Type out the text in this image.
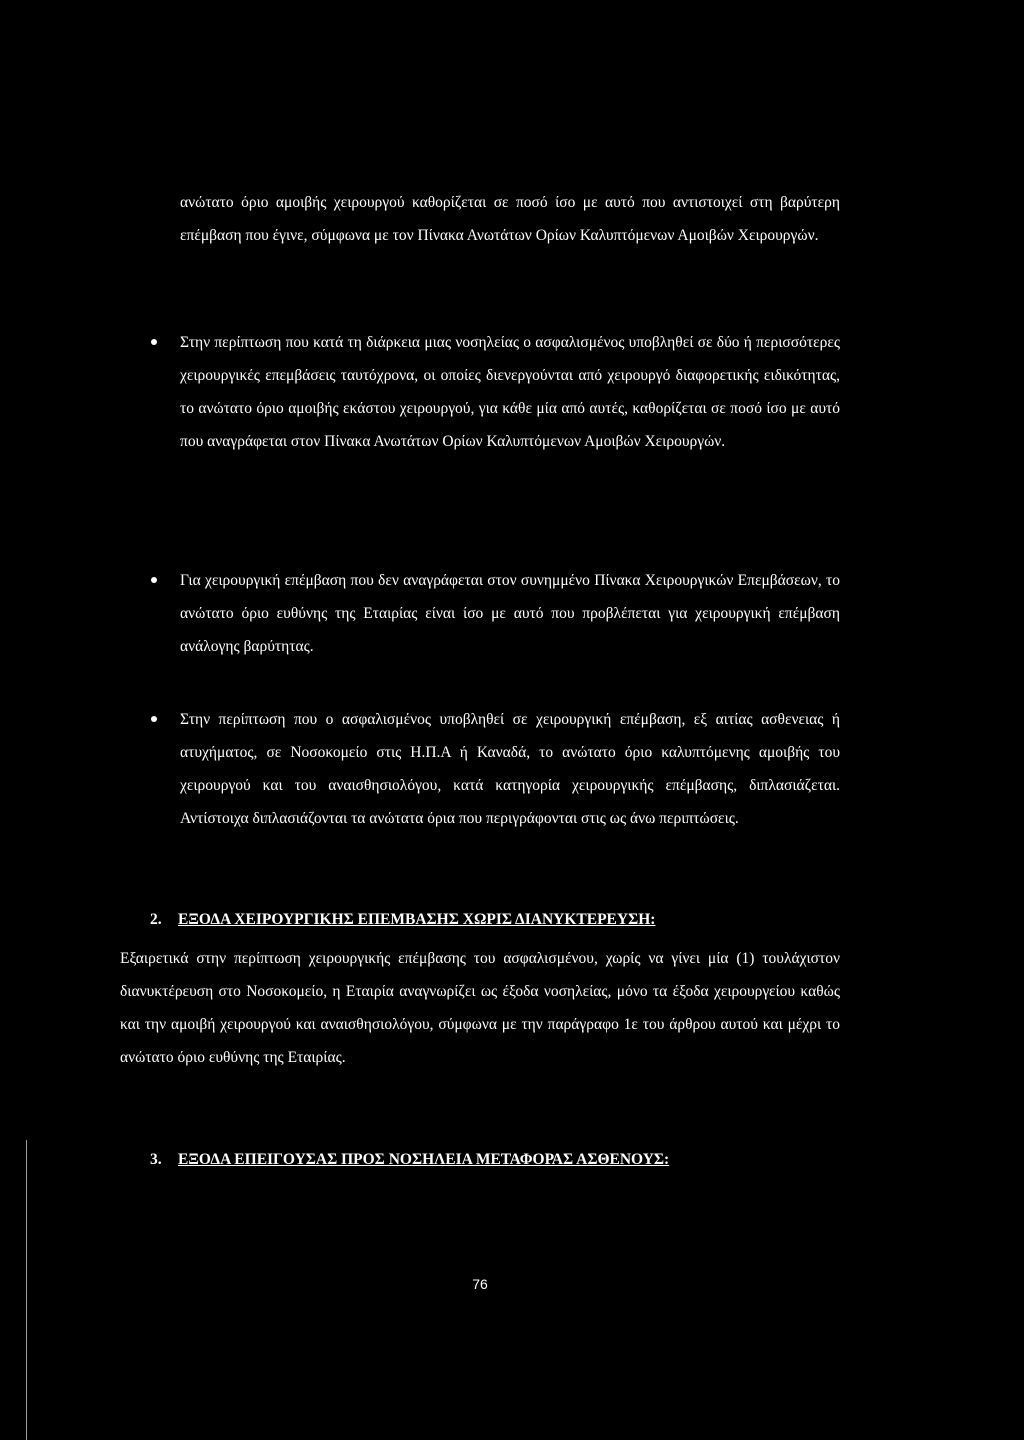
ανώτατο όριο αμοιβής χειρουργού καθορίζεται σε ποσό ίσο με αυτό που αντιστοιχεί στη βαρύτερη επέμβαση που έγινε, σύμφωνα με τον Πίνακα Ανωτάτων Ορίων Καλυπτόμενων Αμοιβών Χειρουργών.

Στην περίπτωση που κατά τη διάρκεια μιας νοσηλείας ο ασφαλισμένος υποβληθεί σε δύο ή περισσότερες χειρουργικές επεμβάσεις ταυτόχρονα, οι οποίες διενεργούνται από χειρουργό διαφορετικής ειδικότητας, το ανώτατο όριο αμοιβής εκάστου χειρουργού, για κάθε μία από αυτές, καθορίζεται σε ποσό ίσο με αυτό που αναγράφεται στον Πίνακα Ανωτάτων Ορίων Καλυπτόμενων Αμοιβών Χειρουργών.

Για χειρουργική επέμβαση που δεν αναγράφεται στον συνημμένο Πίνακα Χειρουργικών Επεμβάσεων, το ανώτατο όριο ευθύνης της Εταιρίας είναι ίσο με αυτό που προβλέπεται για χειρουργική επέμβαση ανάλογης βαρύτητας.

Στην περίπτωση που ο ασφαλισμένος υποβληθεί σε χειρουργική επέμβαση, εξ αιτίας ασθενειας ή ατυχήματος, σε Νοσοκομείο στις Η.Π.Α ή Καναδά, το ανώτατο όριο καλυπτόμενης αμοιβής του χειρουργού και του αναισθησιολόγου, κατά κατηγορία χειρουργικής επέμβασης, διπλασιάζεται. Αντίστοιχα διπλασιάζονται τα ανώτατα όρια που περιγράφονται στις ως άνω περιπτώσεις.

2. ΕΞΟΔΑ ΧΕΙΡΟΥΡΓΙΚΗΣ ΕΠΕΜΒΑΣΗΣ ΧΩΡΙΣ ΔΙΑΝΥΚΤΕΡΕΥΣΗ:

Εξαιρετικά στην περίπτωση χειρουργικής επέμβασης του ασφαλισμένου, χωρίς να γίνει μία (1) τουλάχιστον διανυκτέρευση στο Νοσοκομείο, η Εταιρία αναγνωρίζει ως έξοδα νοσηλείας, μόνο τα έξοδα χειρουργείου καθώς και την αμοιβή χειρουργού και αναισθησιολόγου, σύμφωνα με την παράγραφο 1ε του άρθρου αυτού και μέχρι το ανώτατο όριο ευθύνης της Εταιρίας.

3. ΕΞΟΔΑ ΕΠΕΙΓΟΥΣΑΣ ΠΡΟΣ ΝΟΣΗΛΕΙΑ ΜΕΤΑΦΟΡΑΣ ΑΣΘΕΝΟΥΣ:
76
